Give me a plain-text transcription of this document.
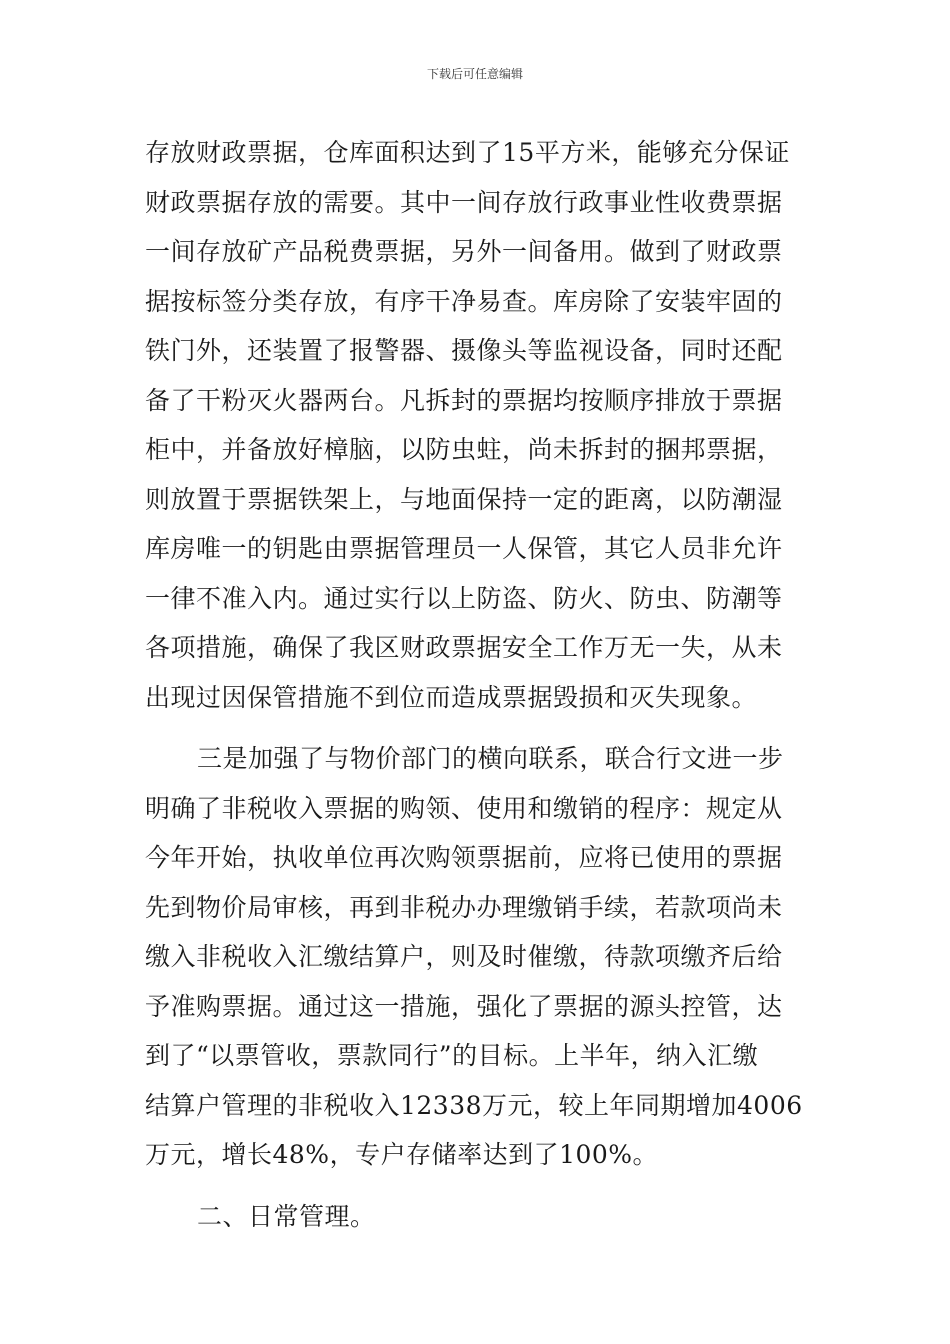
下载后可任意编辑
存放财政票据，仓库面积达到了15平方米，能够充分保证
财政票据存放的需要。其中一间存放行政事业性收费票据
一间存放矿产品税费票据，另外一间备用。做到了财政票
据按标签分类存放，有序干净易查。库房除了安装牢固的
铁门外，还装置了报警器、摄像头等监视设备，同时还配
备了干粉灭火器两台。凡拆封的票据均按顺序排放于票据
柜中，并备放好樟脑，以防虫蛀，尚未拆封的捆邦票据，
则放置于票据铁架上，与地面保持一定的距离，以防潮湿
库房唯一的钥匙由票据管理员一人保管，其它人员非允许
一律不准入内。通过实行以上防盗、防火、防虫、防潮等
各项措施，确保了我区财政票据安全工作万无一失，从未
出现过因保管措施不到位而造成票据毁损和灭失现象。
三是加强了与物价部门的横向联系，联合行文进一步
明确了非税收入票据的购领、使用和缴销的程序：规定从
今年开始，执收单位再次购领票据前，应将已使用的票据
先到物价局审核，再到非税办办理缴销手续，若款项尚未
缴入非税收入汇缴结算户，则及时催缴，待款项缴齐后给
予准购票据。通过这一措施，强化了票据的源头控管，达
到了“以票管收，票款同行”的目标。上半年，纳入汇缴
结算户管理的非税收入12338万元，较上年同期增加4006
万元，增长48%，专户存储率达到了100%。
二、日常管理。
